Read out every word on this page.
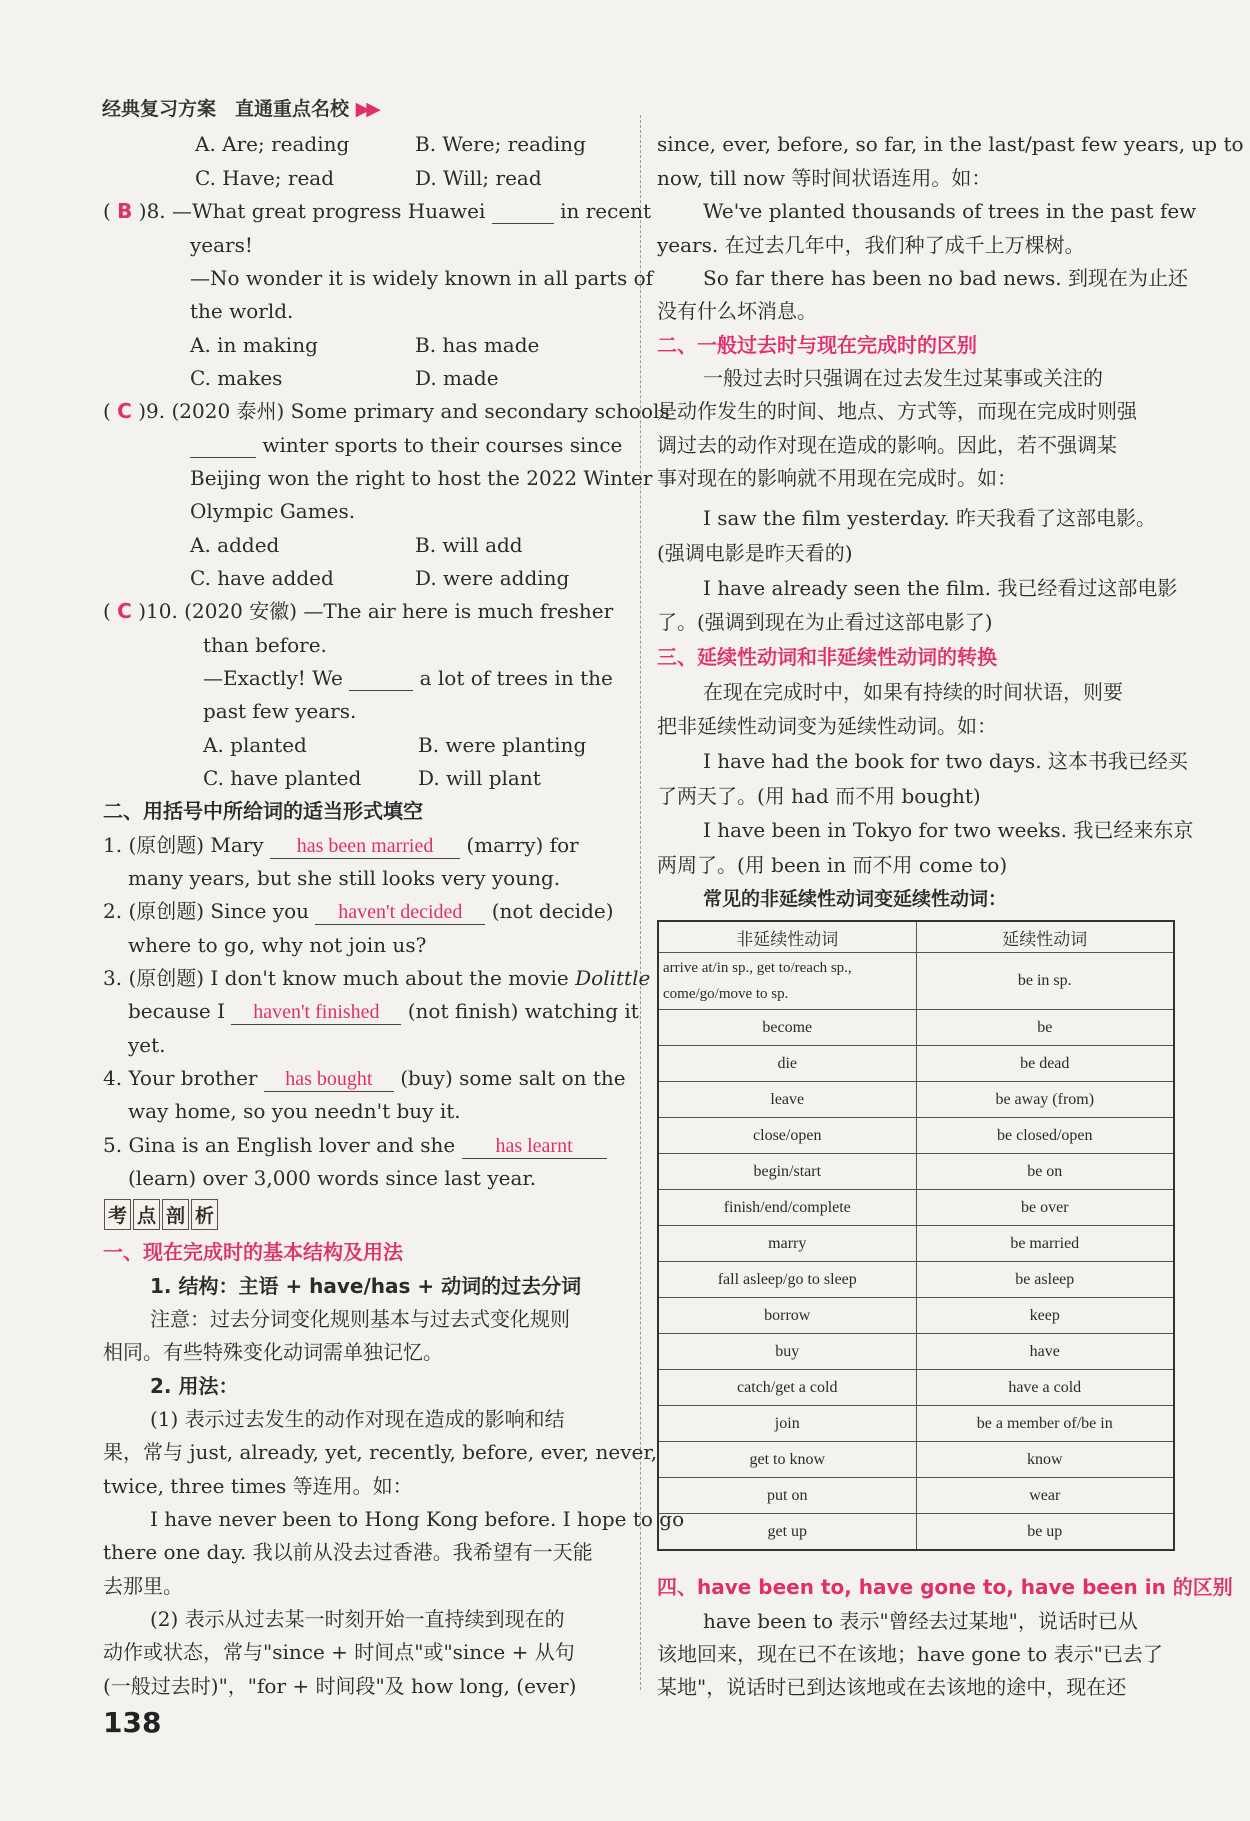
经典复习方案　直通重点名校 ▶▶
A. Are; reading	B. Were; reading
C. Have; read	D. Will; read
( B )8. —What great progress Huawei	in recent
years!
—No wonder it is widely known in all parts of
the world.
A. in making	B. has made
C. makes	D. made
( C )9. (2020 泰州) Some primary and secondary schools
winter sports to their courses since
Beijing won the right to host the 2022 Winter
Olympic Games.
A. added	B. will add
C. have added	D. were adding
( C )10. (2020 安徽) —The air here is much fresher
than before.
—Exactly! We	a lot of trees in the
past few years.
A. planted	B. were planting
C. have planted	D. will plant
二、用括号中所给词的适当形式填空
1. (原创题) Mary has been married (marry) for
many years, but she still looks very young.
2. (原创题) Since you haven't decided (not decide)
where to go, why not join us?
3. (原创题) I don't know much about the movie Dolittle
because I haven't finished (not finish) watching it
yet.
4. Your brother has bought (buy) some salt on the
way home, so you needn't buy it.
5. Gina is an English lover and she has learnt
(learn) over 3,000 words since last year.
考 点 剖 析
一、现在完成时的基本结构及用法
1. 结构：主语 + have/has + 动词的过去分词
注意：过去分词变化规则基本与过去式变化规则
相同。有些特殊变化动词需单独记忆。
2. 用法：
(1) 表示过去发生的动作对现在造成的影响和结
果，常与 just, already, yet, recently, before, ever, never,
twice, three times 等连用。如：
I have never been to Hong Kong before. I hope to go
there one day. 我以前从没去过香港。我希望有一天能
去那里。
(2) 表示从过去某一时刻开始一直持续到现在的
动作或状态，常与"since + 时间点"或"since + 从句
(一般过去时)"，"for + 时间段"及 how long, (ever)
138
since, ever, before, so far, in the last/past few years, up to
now, till now 等时间状语连用。如：
We've planted thousands of trees in the past few
years. 在过去几年中，我们种了成千上万棵树。
So far there has been no bad news. 到现在为止还
没有什么坏消息。
二、一般过去时与现在完成时的区别
一般过去时只强调在过去发生过某事或关注的
是动作发生的时间、地点、方式等，而现在完成时则强
调过去的动作对现在造成的影响。因此，若不强调某
事对现在的影响就不用现在完成时。如：
I saw the film yesterday. 昨天我看了这部电影。
(强调电影是昨天看的)
I have already seen the film. 我已经看过这部电影
了。(强调到现在为止看过这部电影了)
三、延续性动词和非延续性动词的转换
在现在完成时中，如果有持续的时间状语，则要
把非延续性动词变为延续性动词。如：
I have had the book for two days. 这本书我已经买
了两天了。(用 had 而不用 bought)
I have been in Tokyo for two weeks. 我已经来东京
两周了。(用 been in 而不用 come to)
常见的非延续性动词变延续性动词：
非延续性动词	延续性动词
arrive at/in sp., get to/reach sp., come/go/move to sp.	be in sp.
become	be
die	be dead
leave	be away (from)
close/open	be closed/open
begin/start	be on
finish/end/complete	be over
marry	be married
fall asleep/go to sleep	be asleep
borrow	keep
buy	have
catch/get a cold	have a cold
join	be a member of/be in
get to know	know
put on	wear
get up	be up
四、have been to, have gone to, have been in 的区别
have been to 表示"曾经去过某地"，说话时已从
该地回来，现在已不在该地；have gone to 表示"已去了
某地"，说话时已到达该地或在去该地的途中，现在还
